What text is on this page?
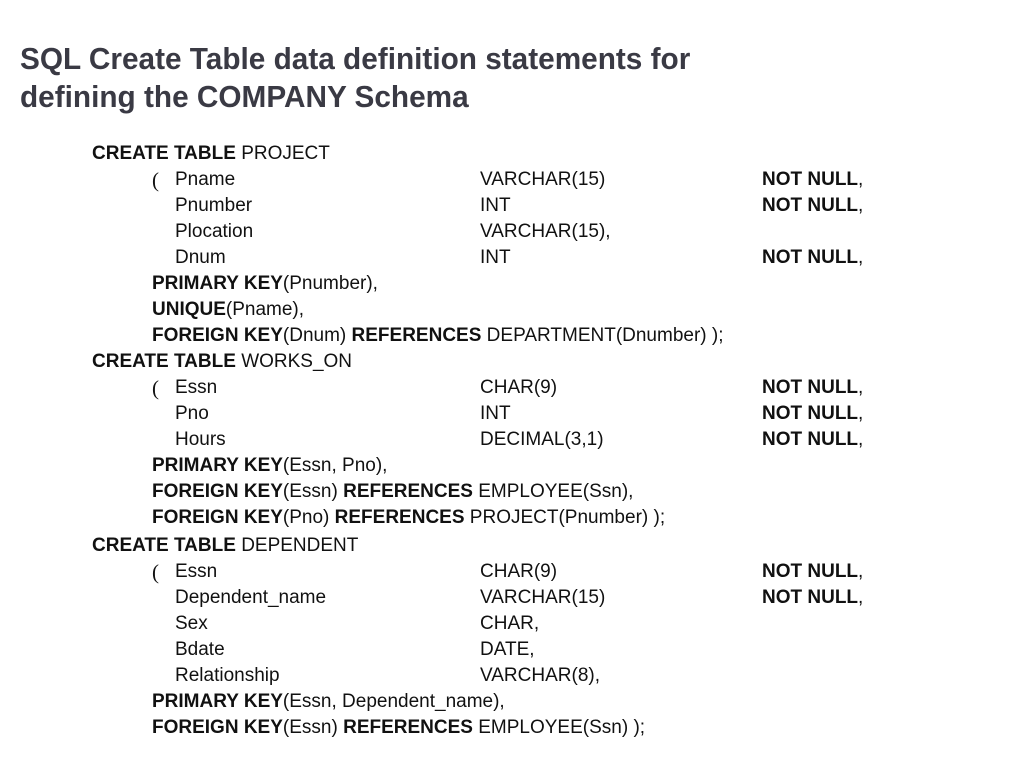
SQL Create Table data definition statements for
defining the COMPANY Schema
CREATE TABLE PROJECT
( Pname	VARCHAR(15)	NOT NULL,
Pnumber	INT	NOT NULL,
Plocation	VARCHAR(15),
Dnum	INT	NOT NULL,
PRIMARY KEY(Pnumber),
UNIQUE(Pname),
FOREIGN KEY(Dnum) REFERENCES DEPARTMENT(Dnumber) );
CREATE TABLE WORKS_ON
( Essn	CHAR(9)	NOT NULL,
Pno	INT	NOT NULL,
Hours	DECIMAL(3,1)	NOT NULL,
PRIMARY KEY(Essn, Pno),
FOREIGN KEY(Essn) REFERENCES EMPLOYEE(Ssn),
FOREIGN KEY(Pno) REFERENCES PROJECT(Pnumber) );
CREATE TABLE DEPENDENT
( Essn	CHAR(9)	NOT NULL,
Dependent_name	VARCHAR(15)	NOT NULL,
Sex	CHAR,
Bdate	DATE,
Relationship	VARCHAR(8),
PRIMARY KEY(Essn, Dependent_name),
FOREIGN KEY(Essn) REFERENCES EMPLOYEE(Ssn) );
